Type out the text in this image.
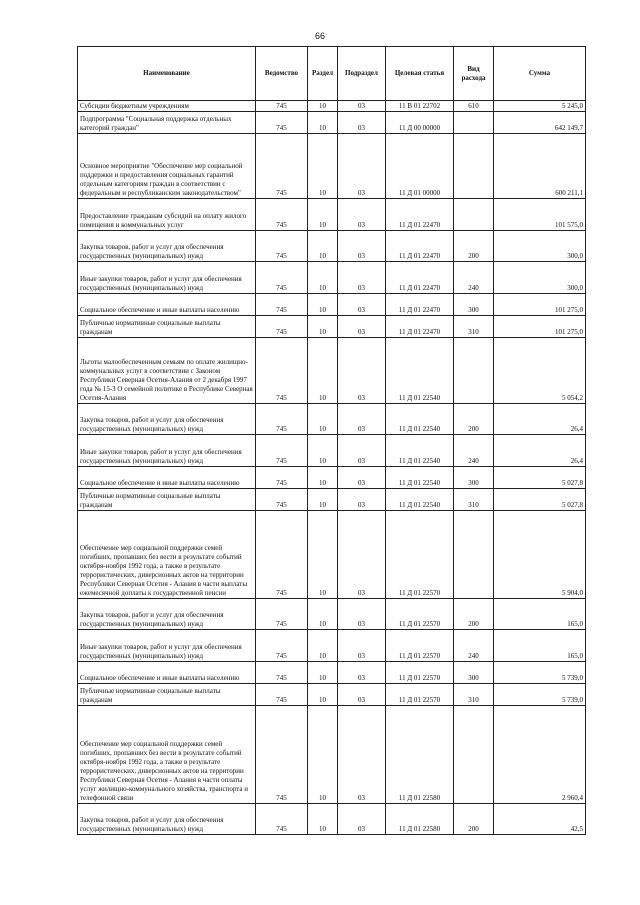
66
Наименование	Ведомство	Раздел	Подраздел	Целевая статья	Вид расхода	Сумма
Субсидии бюджетным учреждениям	745	10	03	11 В 01 22702	610	5 245,0
Подпрограмма "Социальная поддержка отдельных категорий граждан"	745	10	03	11 Д 00 00000		642 149,7
Основное мероприятие "Обеспечение мер социальной поддержки и предоставления социальных гарантий отдельным категориям граждан в соответствии с федеральным и республиканским законодательством"	745	10	03	11 Д 01 00000		600 211,1
Предоставление гражданам субсидий на оплату жилого помещения и коммунальных услуг	745	10	03	11 Д 01 22470		101 575,0
Закупка товаров, работ и услуг для обеспечения государственных (муниципальных) нужд	745	10	03	11 Д 01 22470	200	300,0
Иные закупки товаров, работ и услуг для обеспечения государственных (муниципальных) нужд	745	10	03	11 Д 01 22470	240	300,0
Социальное обеспечение и иные выплаты населению	745	10	03	11 Д 01 22470	300	101 275,0
Публичные нормативные социальные выплаты гражданам	745	10	03	11 Д 01 22470	310	101 275,0
Льготы малообеспеченным семьям по оплате жилищно-коммунальных услуг в соответствии с Законом Республики Северная Осетия-Алания от 2 декабря 1997 года № 15-З О семейной политике в Республике Северная Осетия-Алания	745	10	03	11 Д 01 22540		5 054,2
Закупка товаров, работ и услуг для обеспечения государственных (муниципальных) нужд	745	10	03	11 Д 01 22540	200	26,4
Иные закупки товаров, работ и услуг для обеспечения государственных (муниципальных) нужд	745	10	03	11 Д 01 22540	240	26,4
Социальное обеспечение и иные выплаты населению	745	10	03	11 Д 01 22540	300	5 027,8
Публичные нормативные социальные выплаты гражданам	745	10	03	11 Д 01 22540	310	5 027,8
Обеспечение мер социальной поддержки семей погибших, пропавших без вести в результате событий октября-ноября 1992 года, а также в результате террористических, диверсионных актов на территории Республики Северная Осетия - Алания в части выплаты ежемесячной доплаты к государственной пенсии	745	10	03	11 Д 01 22570		5 904,0
Закупка товаров, работ и услуг для обеспечения государственных (муниципальных) нужд	745	10	03	11 Д 01 22570	200	165,0
Иные закупки товаров, работ и услуг для обеспечения государственных (муниципальных) нужд	745	10	03	11 Д 01 22570	240	165,0
Социальное обеспечение и иные выплаты населению	745	10	03	11 Д 01 22570	300	5 739,0
Публичные нормативные социальные выплаты гражданам	745	10	03	11 Д 01 22570	310	5 739,0
Обеспечение мер социальной поддержки семей погибших, пропавших без вести в результате событий октября-ноября 1992 года, а также в результате террористических, диверсионных актов на территории Республики Северная Осетия - Алания в части оплаты услуг жилищно-коммунального хозяйства, транспорта и телефонной связи	745	10	03	11 Д 01 22580		2 960,4
Закупка товаров, работ и услуг для обеспечения государственных (муниципальных) нужд	745	10	03	11 Д 01 22580	200	42,5
